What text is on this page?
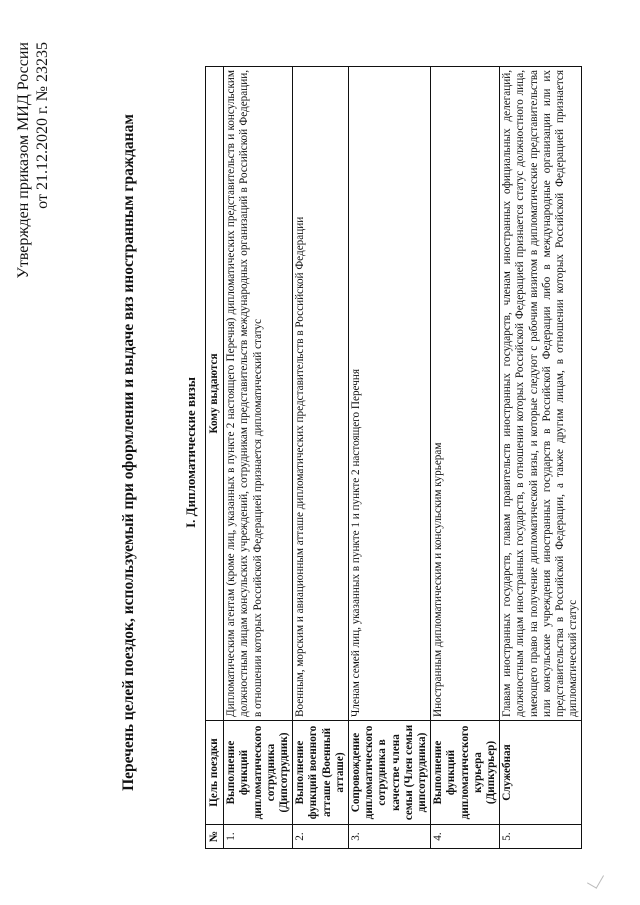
Утвержден приказом МИД России от 21.12.2020 г. № 23235	Перечень целей поездок, используемый при оформлении и выдаче виз иностранным гражданам	I. Дипломатические визы
№	Цель поездки	Кому выдаются
1.	Выполнение функций дипломатического сотрудника (Дипсотрудник)	Дипломатическим агентам (кроме лиц, указанных в пункте 2 настоящего Перечня) дипломатических представительств и консульским должностным лицам консульских учреждений, сотрудникам представительств международных организаций в Российской Федерации, в отношении которых Российской Федерацией признается дипломатический статус
2.	Выполнение функций военного атташе (Военный атташе)	Военным, морским и авиационным атташе дипломатических представительств в Российской Федерации
3.	Сопровождение дипломатического сотрудника в качестве члена семьи (Член семьи дипсотрудника)	Членам семей лиц, указанных в пункте 1 и пункте 2 настоящего Перечня
4.	Выполнение функций дипломатического курьера (Дипкурьер)	Иностранным дипломатическим и консульским курьерам
5.	Служебная	Главам иностранных государств, главам правительств иностранных государств, членам иностранных официальных делегаций, должностным лицам иностранных государств, в отношении которых Российской Федерацией признается статус должностного лица, имеющего право на получение дипломатической визы, и которые следуют с рабочим визитом в дипломатические представительства или консульские учреждения иностранных государств в Российской Федерации либо в международные организации или их представительства в Российской Федерации, а также другим лицам, в отношении которых Российской Федерацией признается дипломатический статус
